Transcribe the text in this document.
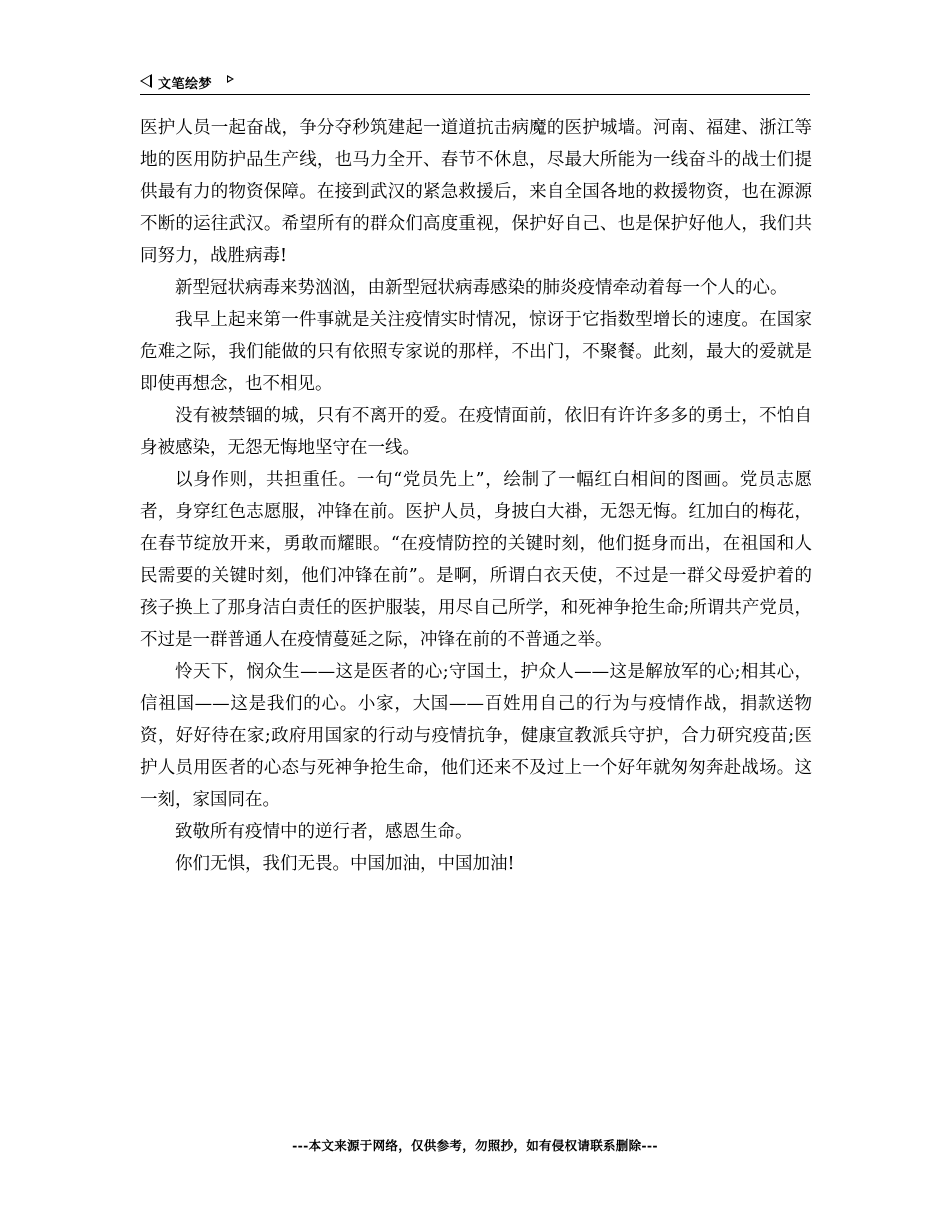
文笔绘梦

医护人员一起奋战，争分夺秒筑建起一道道抗击病魔的医护城墙。河南、福建、浙江等地的医用防护品生产线，也马力全开、春节不休息，尽最大所能为一线奋斗的战士们提供最有力的物资保障。在接到武汉的紧急救援后，来自全国各地的救援物资，也在源源不断的运往武汉。希望所有的群众们高度重视，保护好自己、也是保护好他人，我们共同努力，战胜病毒!

新型冠状病毒来势汹汹，由新型冠状病毒感染的肺炎疫情牵动着每一个人的心。

我早上起来第一件事就是关注疫情实时情况，惊讶于它指数型增长的速度。在国家危难之际，我们能做的只有依照专家说的那样，不出门，不聚餐。此刻，最大的爱就是即使再想念，也不相见。

没有被禁锢的城，只有不离开的爱。在疫情面前，依旧有许许多多的勇士，不怕自身被感染，无怨无悔地坚守在一线。

以身作则，共担重任。一句“党员先上”，绘制了一幅红白相间的图画。党员志愿者，身穿红色志愿服，冲锋在前。医护人员，身披白大褂，无怨无悔。红加白的梅花，在春节绽放开来，勇敢而耀眼。“在疫情防控的关键时刻，他们挺身而出，在祖国和人民需要的关键时刻，他们冲锋在前”。是啊，所谓白衣天使，不过是一群父母爱护着的孩子换上了那身洁白责任的医护服装，用尽自己所学，和死神争抢生命;所谓共产党员，不过是一群普通人在疫情蔓延之际，冲锋在前的不普通之举。

怜天下，悯众生——这是医者的心;守国土，护众人——这是解放军的心;相其心，信祖国——这是我们的心。小家，大国——百姓用自己的行为与疫情作战，捐款送物资，好好待在家;政府用国家的行动与疫情抗争，健康宣教派兵守护，合力研究疫苗;医护人员用医者的心态与死神争抢生命，他们还来不及过上一个好年就匆匆奔赴战场。这一刻，家国同在。

致敬所有疫情中的逆行者，感恩生命。

你们无惧，我们无畏。中国加油，中国加油!

---本文来源于网络，仅供参考，勿照抄，如有侵权请联系删除---
